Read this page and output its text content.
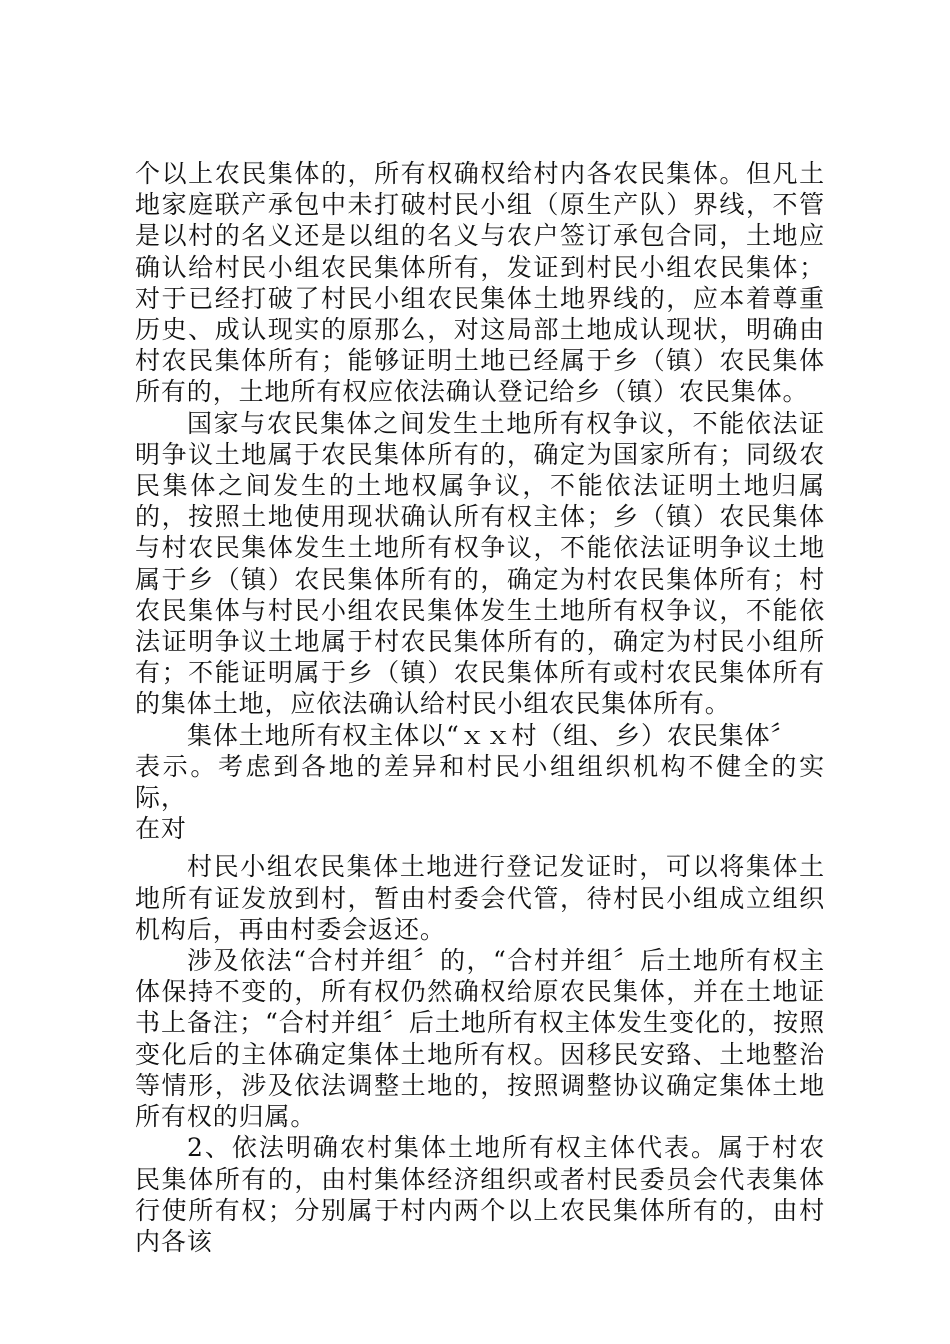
个以上农民集体的，所有权确权给村内各农民集体。但凡土地家庭联产承包中未打破村民小组（原生产队）界线，不管是以村的名义还是以组的名义与农户签订承包合同，土地应确认给村民小组农民集体所有，发证到村民小组农民集体；对于已经打破了村民小组农民集体土地界线的，应本着尊重历史、成认现实的原那么，对这局部土地成认现状，明确由村农民集体所有；能够证明土地已经属于乡（镇）农民集体所有的，土地所有权应依法确认登记给乡（镇）农民集体。

国家与农民集体之间发生土地所有权争议，不能依法证明争议土地属于农民集体所有的，确定为国家所有；同级农民集体之间发生的土地权属争议，不能依法证明土地归属的，按照土地使用现状确认所有权主体；乡（镇）农民集体与村农民集体发生土地所有权争议，不能依法证明争议土地属于乡（镇）农民集体所有的，确定为村农民集体所有；村农民集体与村民小组农民集体发生土地所有权争议，不能依法证明争议土地属于村农民集体所有的，确定为村民小组所有；不能证明属于乡（镇）农民集体所有或村农民集体所有的集体土地，应依法确认给村民小组农民集体所有。

集体土地所有权主体以“ｘｘ村（组、乡）农民集体〞

表示。考虑到各地的差异和村民小组组织机构不健全的实际，

在对

村民小组农民集体土地进行登记发证时，可以将集体土地所有证发放到村，暂由村委会代管，待村民小组成立组织机构后，再由村委会返还。

涉及依法“合村并组〞的，“合村并组〞后土地所有权主体保持不变的，所有权仍然确权给原农民集体，并在土地证书上备注；“合村并组〞后土地所有权主体发生变化的，按照变化后的主体确定集体土地所有权。因移民安臵、土地整治等情形，涉及依法调整土地的，按照调整协议确定集体土地所有权的归属。

2、依法明确农村集体土地所有权主体代表。属于村农民集体所有的，由村集体经济组织或者村民委员会代表集体行使所有权；分别属于村内两个以上农民集体所有的，由村内各该
